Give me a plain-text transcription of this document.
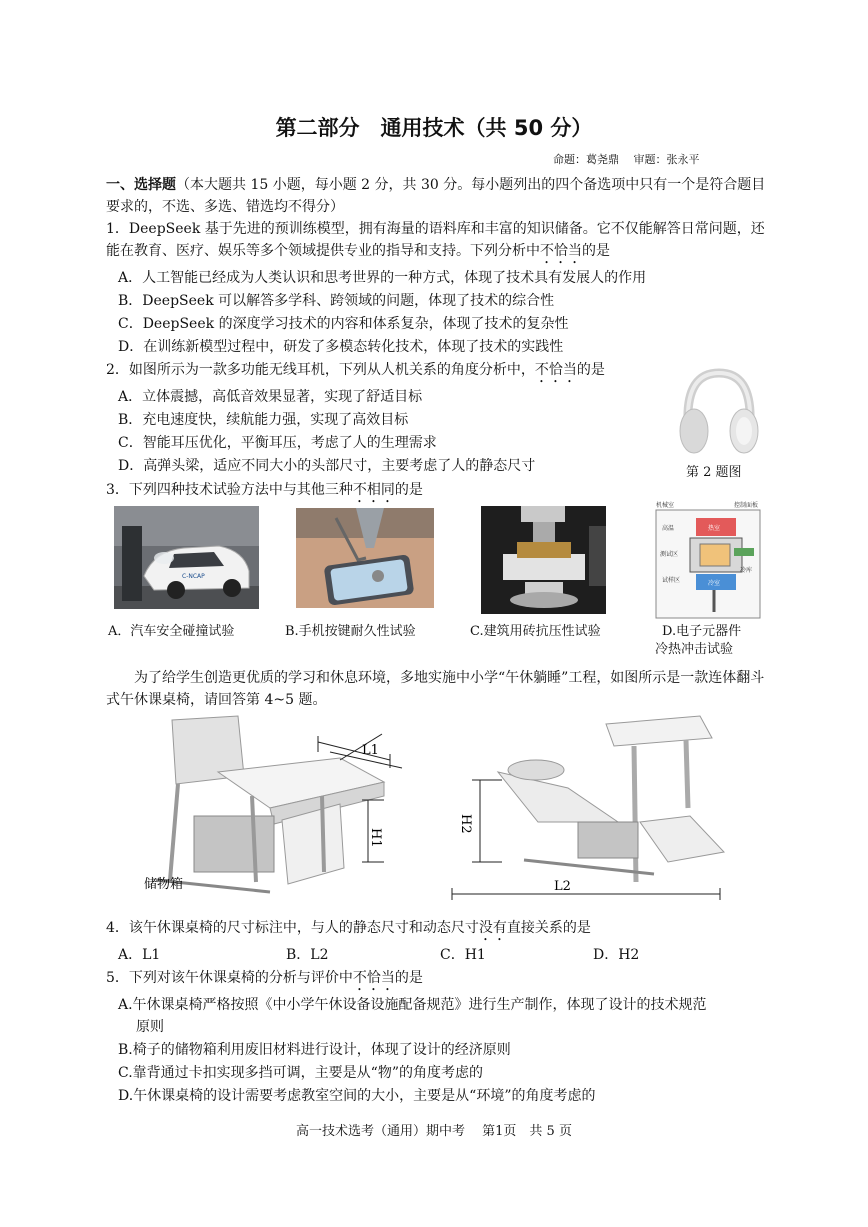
第二部分　通用技术（共 50 分）
命题：葛尧鼎　 审题：张永平
一、选择题（本大题共 15 小题，每小题 2 分，共 30 分。每小题列出的四个备选项中只有一个是符合题目要求的，不选、多选、错选均不得分）
1．DeepSeek 基于先进的预训练模型，拥有海量的语料库和丰富的知识储备。它不仅能解答日常问题，还能在教育、医疗、娱乐等多个领域提供专业的指导和支持。下列分析中不恰当的是
A．人工智能已经成为人类认识和思考世界的一种方式，体现了技术具有发展人的作用
B．DeepSeek 可以解答多学科、跨领域的问题，体现了技术的综合性
C．DeepSeek 的深度学习技术的内容和体系复杂，体现了技术的复杂性
D．在训练新模型过程中，研发了多模态转化技术，体现了技术的实践性
2．如图所示为一款多功能无线耳机，下列从人机关系的角度分析中，不恰当的是
A．立体震撼，高低音效果显著，实现了舒适目标
B．充电速度快，续航能力强，实现了高效目标
C．智能耳压优化，平衡耳压，考虑了人的生理需求
D．高弹头梁，适应不同大小的头部尺寸，主要考虑了人的静态尺寸	第 2 题图
3．下列四种技术试验方法中与其他三种不相同的是
C-NCAP
机械室	控制面板
高温	热室
冷室
测试区
试样区
冷库
A．汽车安全碰撞试验	B.手机按键耐久性试验	C.建筑用砖抗压性试验	D.电子元器件
冷热冲击试验
为了给学生创造更优质的学习和休息环境，多地实施中小学“午休躺睡”工程，如图所示是一款连体翻斗式午休课桌椅，请回答第 4~5 题。
L1
H1
储物箱	L2
H2
4．该午休课桌椅的尺寸标注中，与人的静态尺寸和动态尺寸没有直接关系的是
A．L1	B．L2	C．H1	D．H2
5．下列对该午休课桌椅的分析与评价中不恰当的是
A.午休课桌椅严格按照《中小学午休设备设施配备规范》进行生产制作，体现了设计的技术规范
原则
B.椅子的储物箱利用废旧材料进行设计，体现了设计的经济原则
C.靠背通过卡扣实现多挡可调，主要是从“物”的角度考虑的
D.午休课桌椅的设计需要考虑教室空间的大小，主要是从“环境”的角度考虑的
高一技术选考（通用）期中考　 第1页　共 5 页
